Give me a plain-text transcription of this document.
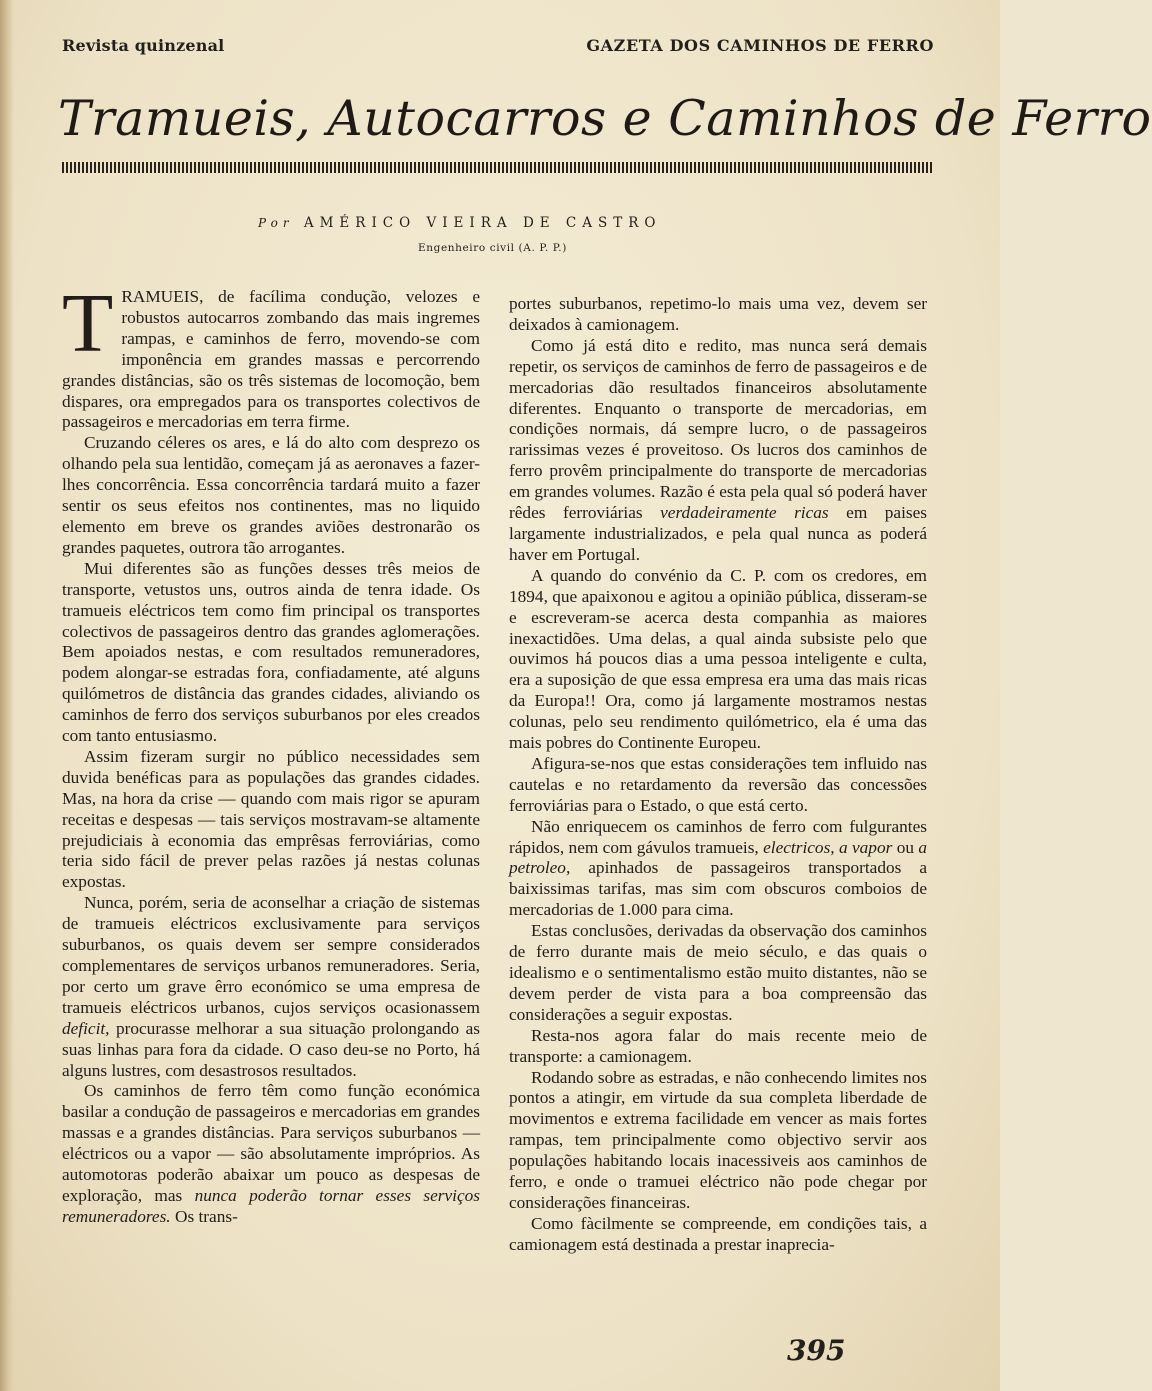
Revista quinzenal	GAZETA DOS CAMINHOS DE FERRO
Tramueis, Autocarros e Caminhos de Ferro
Por AMÉRICO VIEIRA DE CASTRO
Engenheiro civil (A. P. P.)

TRAMUEIS, de facílima condução, velozes e robustos autocarros zombando das mais ingremes rampas, e caminhos de ferro, movendo-se com imponência em grandes massas e percorrendo grandes distâncias, são os três sistemas de locomoção, bem dispares, ora empregados para os transportes colectivos de passageiros e mercadorias em terra firme.

Cruzando céleres os ares, e lá do alto com desprezo os olhando pela sua lentidão, começam já as aeronaves a fazer-lhes concorrência. Essa concorrência tardará muito a fazer sentir os seus efeitos nos continentes, mas no liquido elemento em breve os grandes aviões destronarão os grandes paquetes, outrora tão arrogantes.

Mui diferentes são as funções desses três meios de transporte, vetustos uns, outros ainda de tenra idade. Os tramueis eléctricos tem como fim principal os transportes colectivos de passageiros dentro das grandes aglomerações. Bem apoiados nestas, e com resultados remuneradores, podem alongar-se estradas fora, confiadamente, até alguns quilómetros de distância das grandes cidades, aliviando os caminhos de ferro dos serviços suburbanos por eles creados com tanto entusiasmo.

Assim fizeram surgir no público necessidades sem duvida benéficas para as populações das grandes cidades. Mas, na hora da crise — quando com mais rigor se apuram receitas e despesas — tais serviços mostravam-se altamente prejudiciais à economia das emprêsas ferroviárias, como teria sido fácil de prever pelas razões já nestas colunas expostas.

Nunca, porém, seria de aconselhar a criação de sistemas de tramueis eléctricos exclusivamente para serviços suburbanos, os quais devem ser sempre considerados complementares de serviços urbanos remuneradores. Seria, por certo um grave êrro económico se uma empresa de tramueis eléctricos urbanos, cujos serviços ocasionassem deficit, procurasse melhorar a sua situação prolongando as suas linhas para fora da cidade. O caso deu-se no Porto, há alguns lustres, com desastrosos resultados.

Os caminhos de ferro têm como função económica basilar a condução de passageiros e mercadorias em grandes massas e a grandes distâncias. Para serviços suburbanos — eléctricos ou a vapor — são absolutamente impróprios. As automotoras poderão abaixar um pouco as despesas de exploração, mas nunca poderão tornar esses serviços remuneradores. Os trans-

portes suburbanos, repetimo-lo mais uma vez, devem ser deixados à camionagem.

Como já está dito e redito, mas nunca será demais repetir, os serviços de caminhos de ferro de passageiros e de mercadorias dão resultados financeiros absolutamente diferentes. Enquanto o transporte de mercadorias, em condições normais, dá sempre lucro, o de passageiros rarissimas vezes é proveitoso. Os lucros dos caminhos de ferro provêm principalmente do transporte de mercadorias em grandes volumes. Razão é esta pela qual só poderá haver rêdes ferroviárias verdadeiramente ricas em paises largamente industrializados, e pela qual nunca as poderá haver em Portugal.

A quando do convénio da C. P. com os credores, em 1894, que apaixonou e agitou a opinião pública, disseram-se e escreveram-se acerca desta companhia as maiores inexactidões. Uma delas, a qual ainda subsiste pelo que ouvimos há poucos dias a uma pessoa inteligente e culta, era a suposição de que essa empresa era uma das mais ricas da Europa!! Ora, como já largamente mostramos nestas colunas, pelo seu rendimento quilómetrico, ela é uma das mais pobres do Continente Europeu.

Afigura-se-nos que estas considerações tem influido nas cautelas e no retardamento da reversão das concessões ferroviárias para o Estado, o que está certo.

Não enriquecem os caminhos de ferro com fulgurantes rápidos, nem com gávulos tramueis, electricos, a vapor ou a petroleo, apinhados de passageiros transportados a baixissimas tarifas, mas sim com obscuros comboios de mercadorias de 1.000 para cima.

Estas conclusões, derivadas da observação dos caminhos de ferro durante mais de meio século, e das quais o idealismo e o sentimentalismo estão muito distantes, não se devem perder de vista para a boa compreensão das considerações a seguir expostas.

Resta-nos agora falar do mais recente meio de transporte: a camionagem.

Rodando sobre as estradas, e não conhecendo limites nos pontos a atingir, em virtude da sua completa liberdade de movimentos e extrema facilidade em vencer as mais fortes rampas, tem principalmente como objectivo servir aos populações habitando locais inacessiveis aos caminhos de ferro, e onde o tramuei eléctrico não pode chegar por considerações financeiras.

Como fàcilmente se compreende, em condições tais, a camionagem está destinada a prestar inaprecia-

395
